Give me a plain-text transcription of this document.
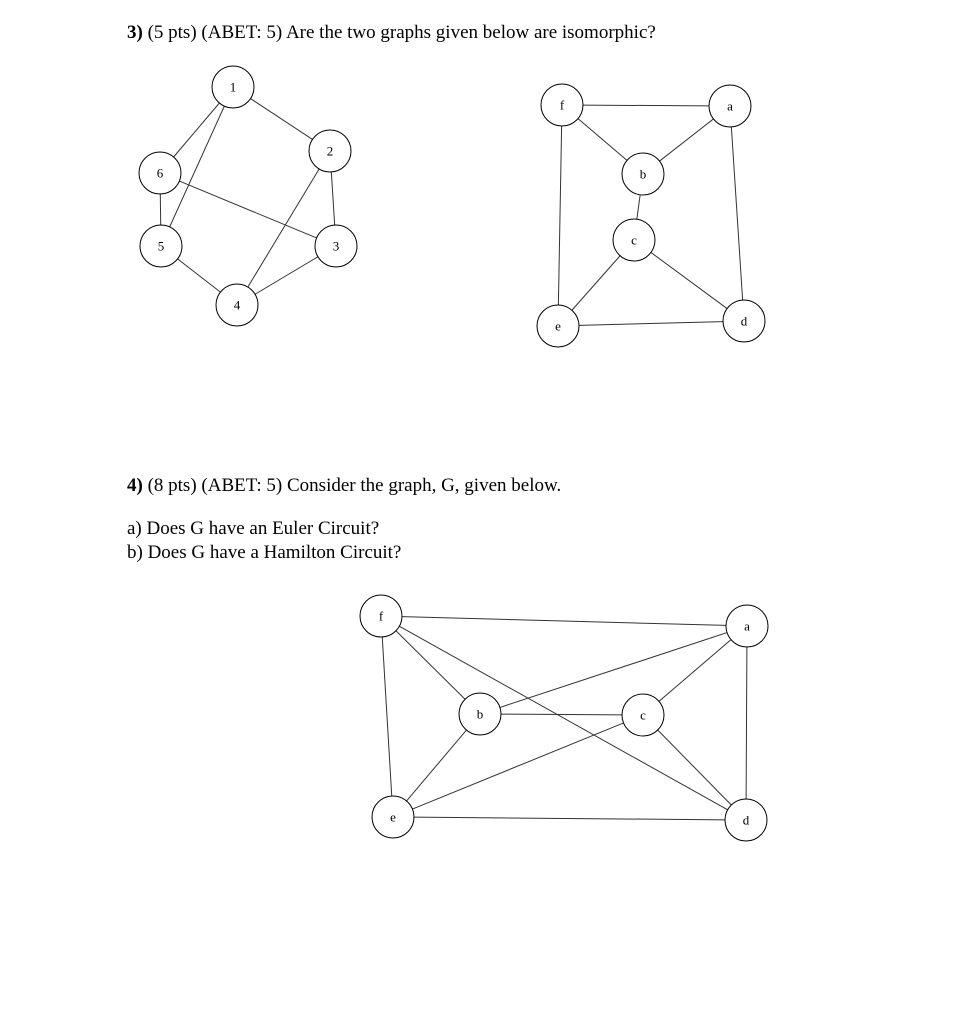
3) (5 pts) (ABET: 5) Are the two graphs given below are isomorphic?
4) (8 pts) (ABET: 5) Consider the graph, G, given below.
a) Does G have an Euler Circuit?
b) Does G have a Hamilton Circuit?
1
2
3
4
5
6
f	a
b
c
e	d
f
a
b	c
e	d
